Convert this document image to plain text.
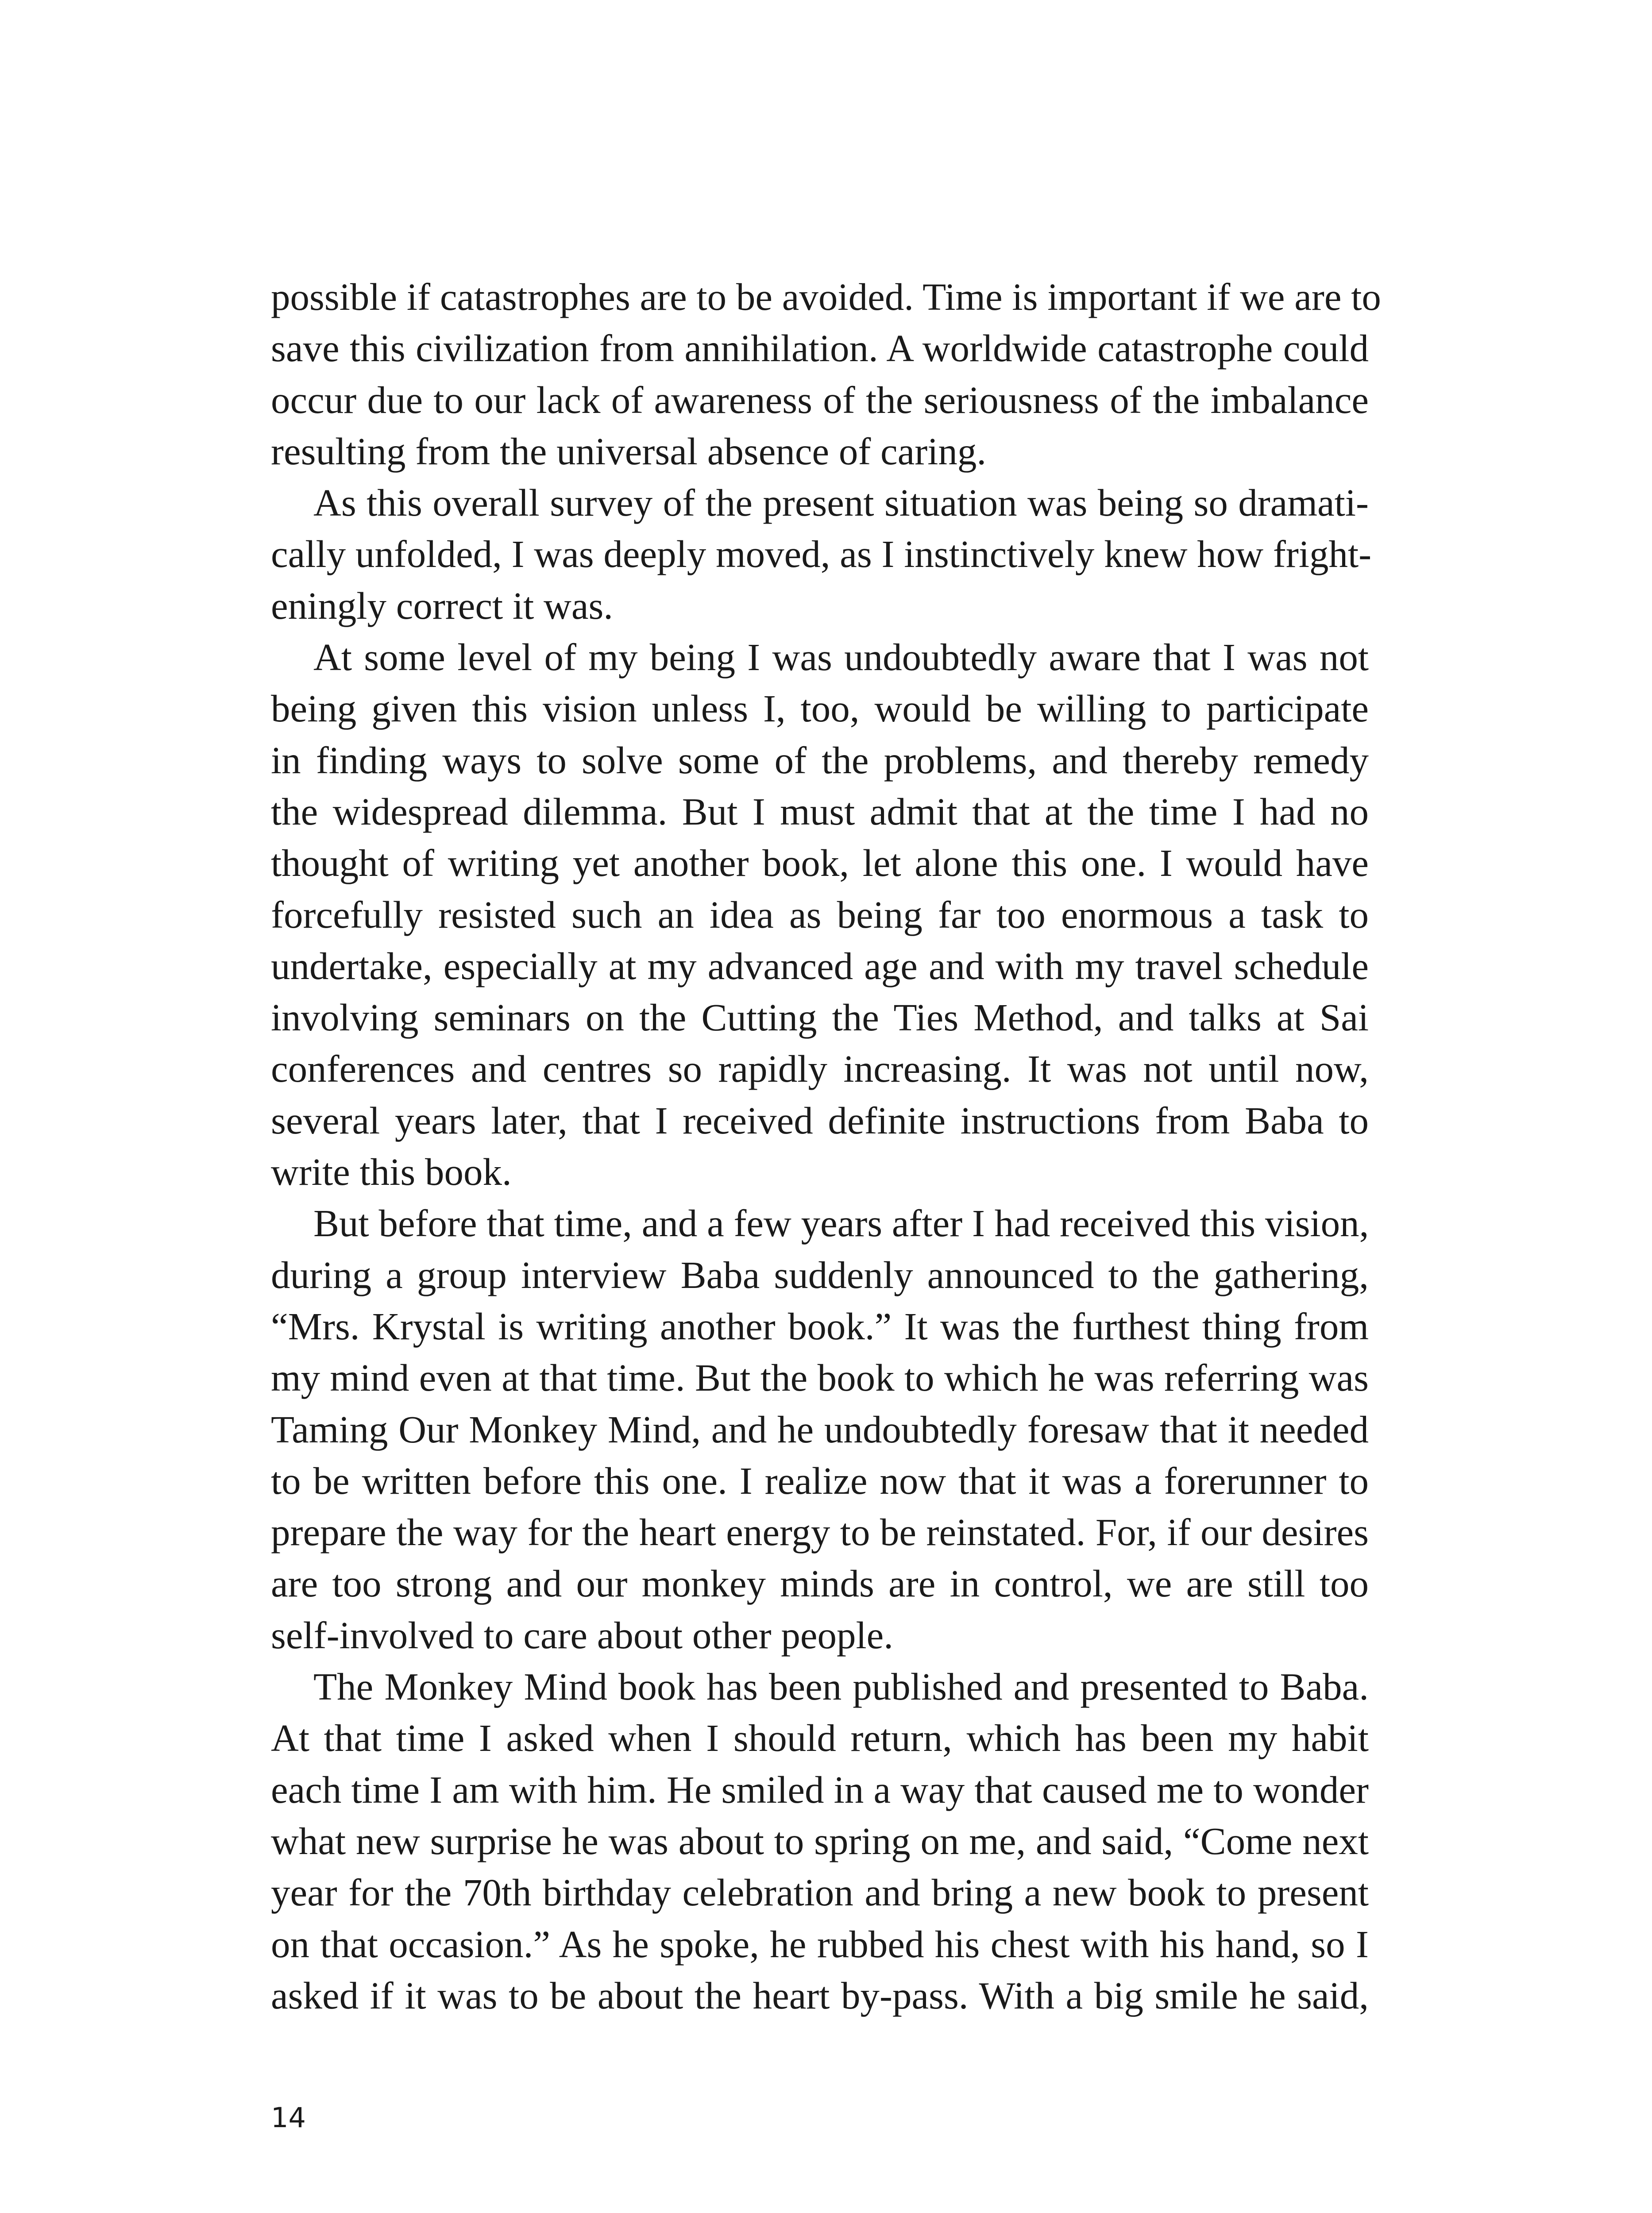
possible if catastrophes are to be avoided. Time is important if we are to
save this civilization from annihilation. A worldwide catastrophe could
occur due to our lack of awareness of the seriousness of the imbalance
resulting from the universal absence of caring.
As this overall survey of the present situation was being so dramati-
cally unfolded, I was deeply moved, as I instinctively knew how fright-
eningly correct it was.
At some level of my being I was undoubtedly aware that I was not
being given this vision unless I, too, would be willing to participate
in finding ways to solve some of the problems, and thereby remedy
the widespread dilemma. But I must admit that at the time I had no
thought of writing yet another book, let alone this one. I would have
forcefully resisted such an idea as being far too enormous a task to
undertake, especially at my advanced age and with my travel schedule
involving seminars on the Cutting the Ties Method, and talks at Sai
conferences and centres so rapidly increasing. It was not until now,
several years later, that I received definite instructions from Baba to
write this book.
But before that time, and a few years after I had received this vision,
during a group interview Baba suddenly announced to the gathering,
“Mrs. Krystal is writing another book.” It was the furthest thing from
my mind even at that time. But the book to which he was referring was
Taming Our Monkey Mind, and he undoubtedly foresaw that it needed
to be written before this one. I realize now that it was a forerunner to
prepare the way for the heart energy to be reinstated. For, if our desires
are too strong and our monkey minds are in control, we are still too
self-involved to care about other people.
The Monkey Mind book has been published and presented to Baba.
At that time I asked when I should return, which has been my habit
each time I am with him. He smiled in a way that caused me to wonder
what new surprise he was about to spring on me, and said, “Come next
year for the 70th birthday celebration and bring a new book to present
on that occasion.” As he spoke, he rubbed his chest with his hand, so I
asked if it was to be about the heart by-pass. With a big smile he said,
14
